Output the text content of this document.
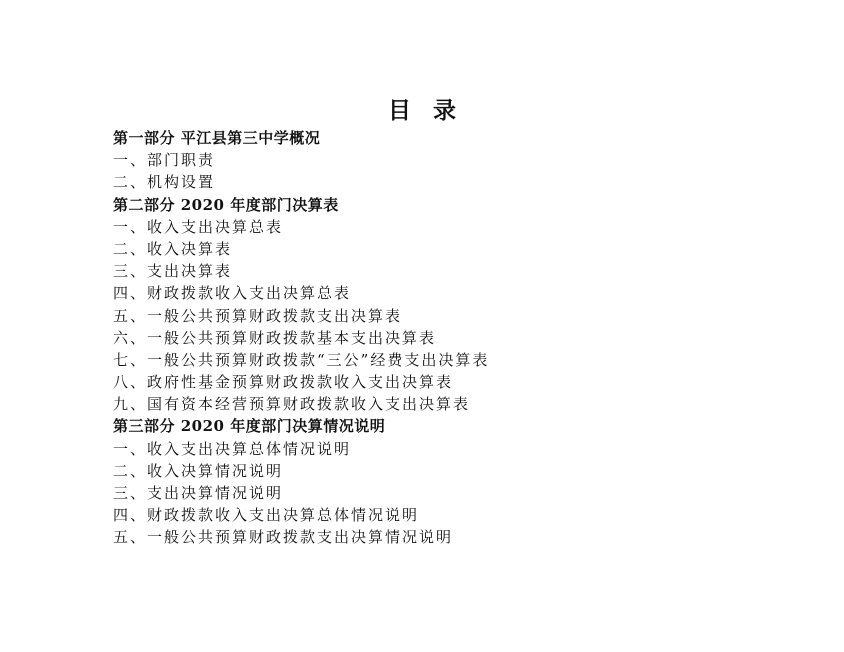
目录
第一部分 平江县第三中学概况
一、部门职责
二、机构设置
第二部分 2020 年度部门决算表
一、收入支出决算总表
二、收入决算表
三、支出决算表
四、财政拨款收入支出决算总表
五、一般公共预算财政拨款支出决算表
六、一般公共预算财政拨款基本支出决算表
七、一般公共预算财政拨款“三公”经费支出决算表
八、政府性基金预算财政拨款收入支出决算表
九、国有资本经营预算财政拨款收入支出决算表
第三部分 2020 年度部门决算情况说明
一、收入支出决算总体情况说明
二、收入决算情况说明
三、支出决算情况说明
四、财政拨款收入支出决算总体情况说明
五、一般公共预算财政拨款支出决算情况说明
